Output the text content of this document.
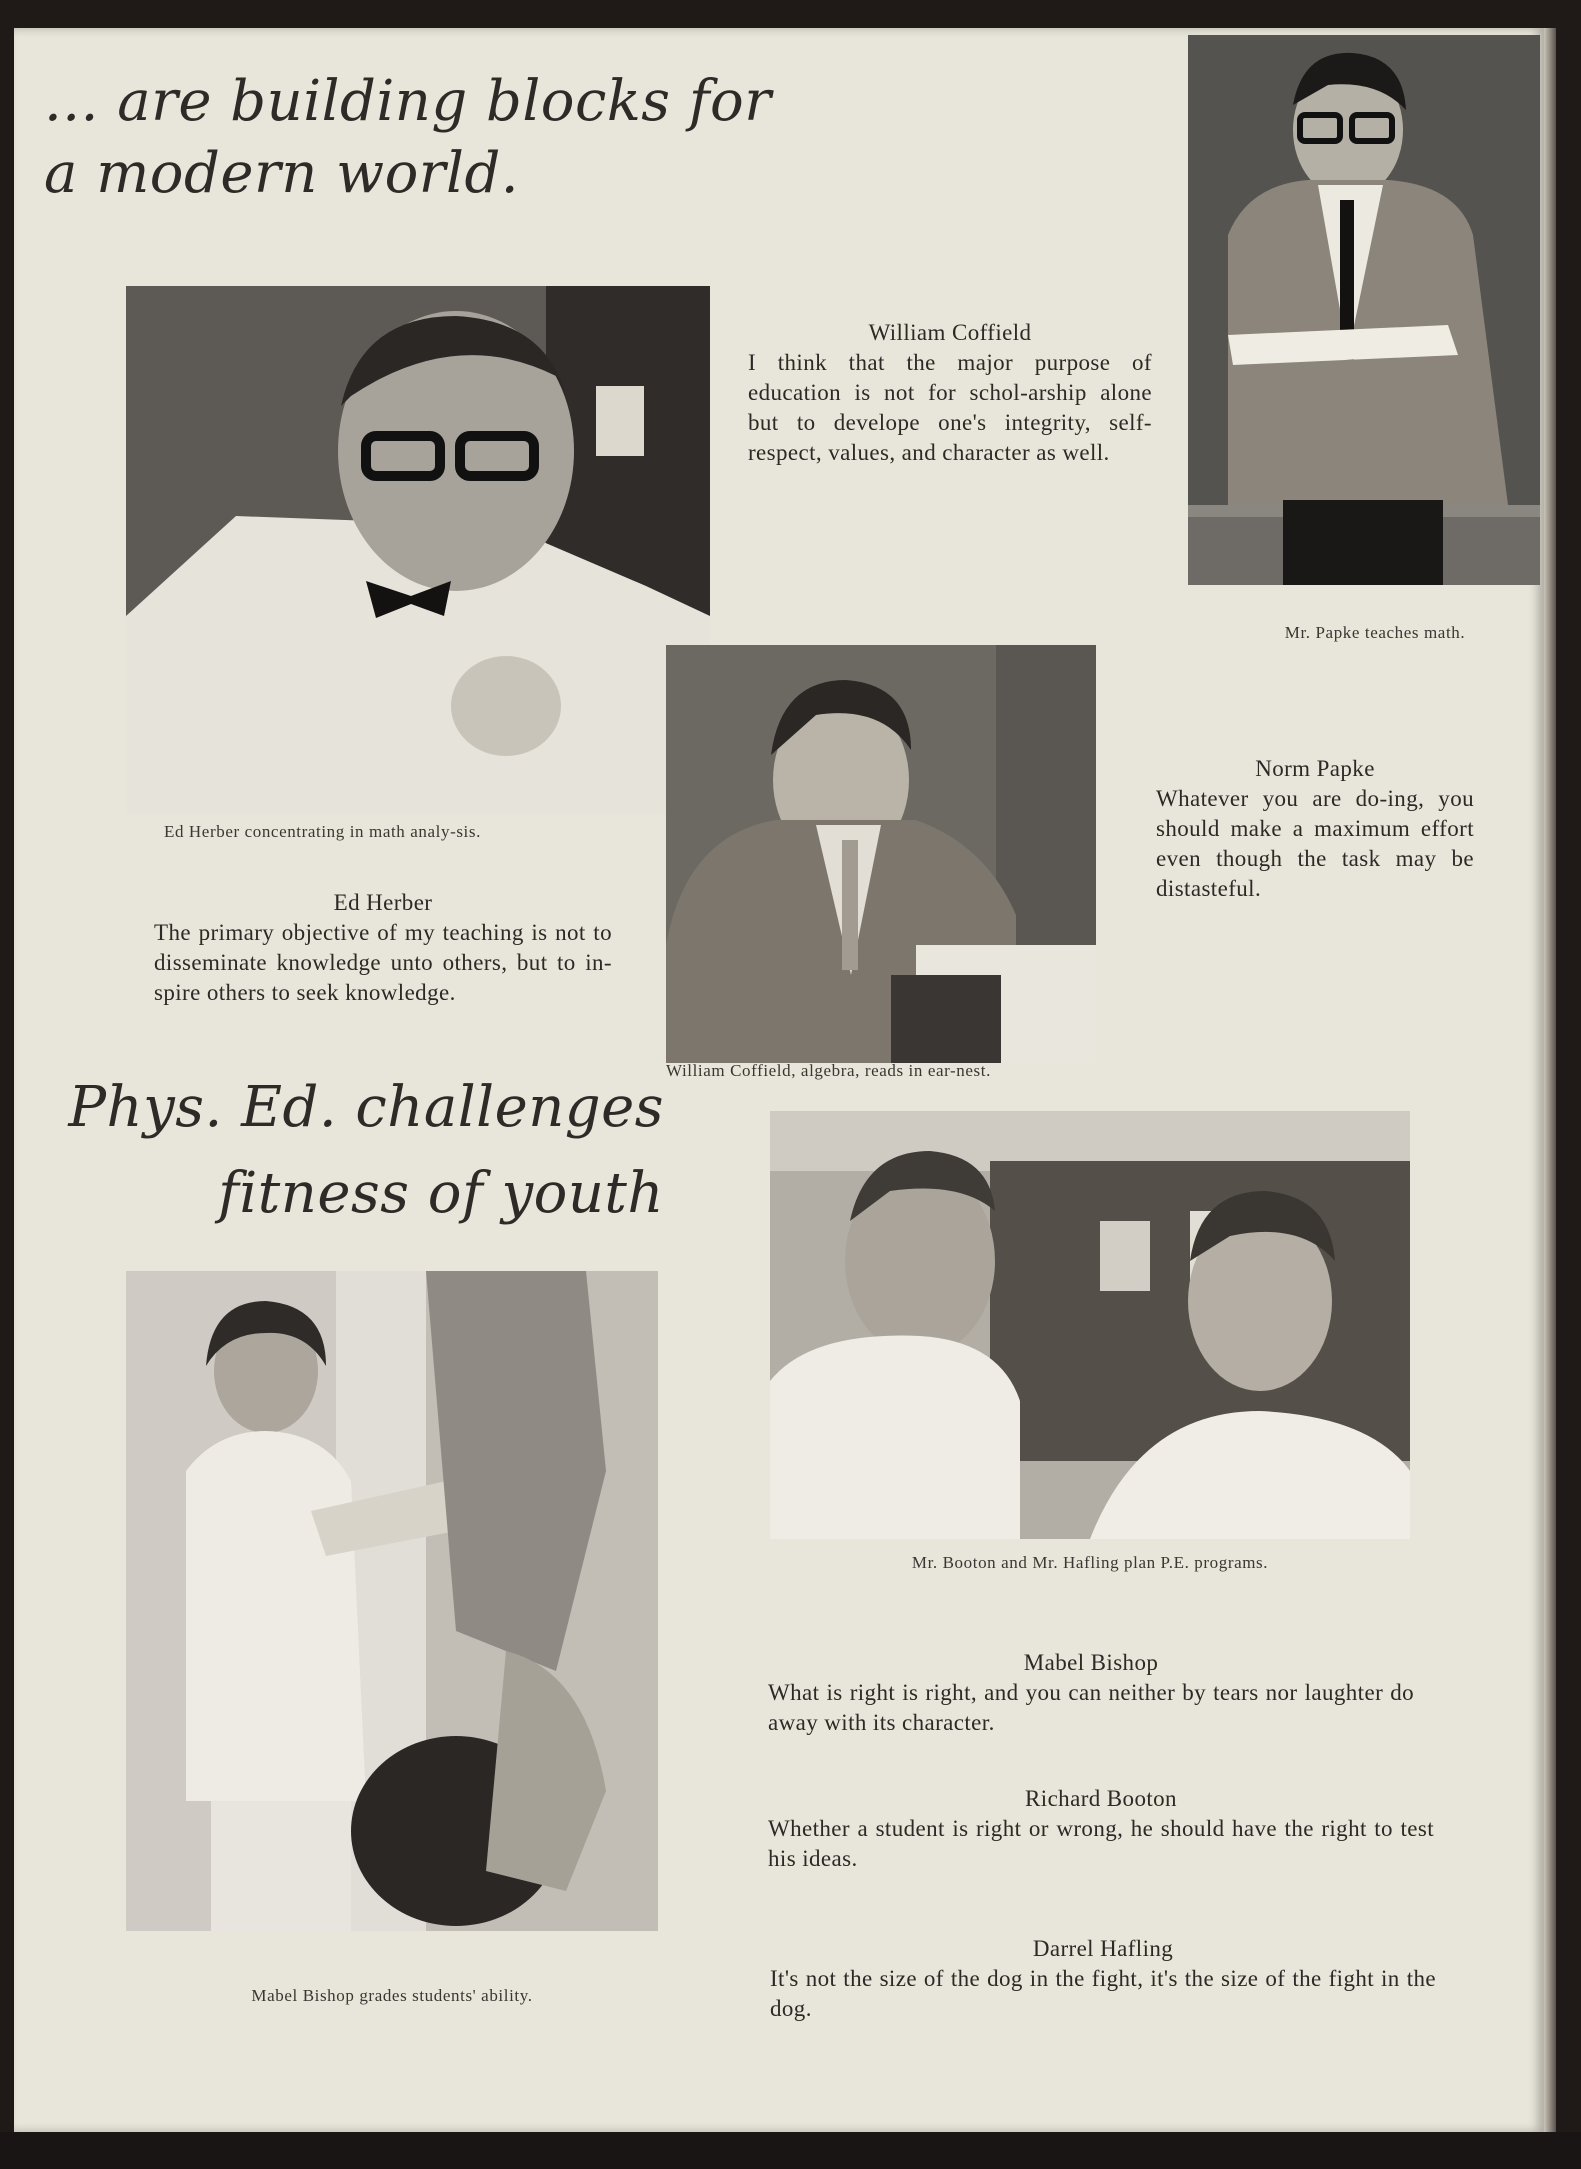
... are building blocks for a modern world.

Ed Herber concentrating in math analy-sis.

Ed Herber
The primary objective of my teaching is not to disseminate knowledge unto others, but to in-spire others to seek knowledge.
William Coffield
I think that the major purpose of education is not for schol-arship alone but to develope one's integrity, self-respect, values, and character as well.

Mr. Papke teaches math.

Norm Papke
Whatever you are do-ing, you should make a maximum effort even though the task may be distasteful.

William Coffield, algebra, reads in ear-nest.

Phys. Ed. challenges fitness of youth

Mr. Booton and Mr. Hafling plan P.E. programs.

Mabel Bishop grades students' ability.

Mabel Bishop
What is right is right, and you can neither by tears nor laughter do away with its character.
Richard Booton
Whether a student is right or wrong, he should have the right to test his ideas.
Darrel Hafling
It's not the size of the dog in the fight, it's the size of the fight in the dog.
